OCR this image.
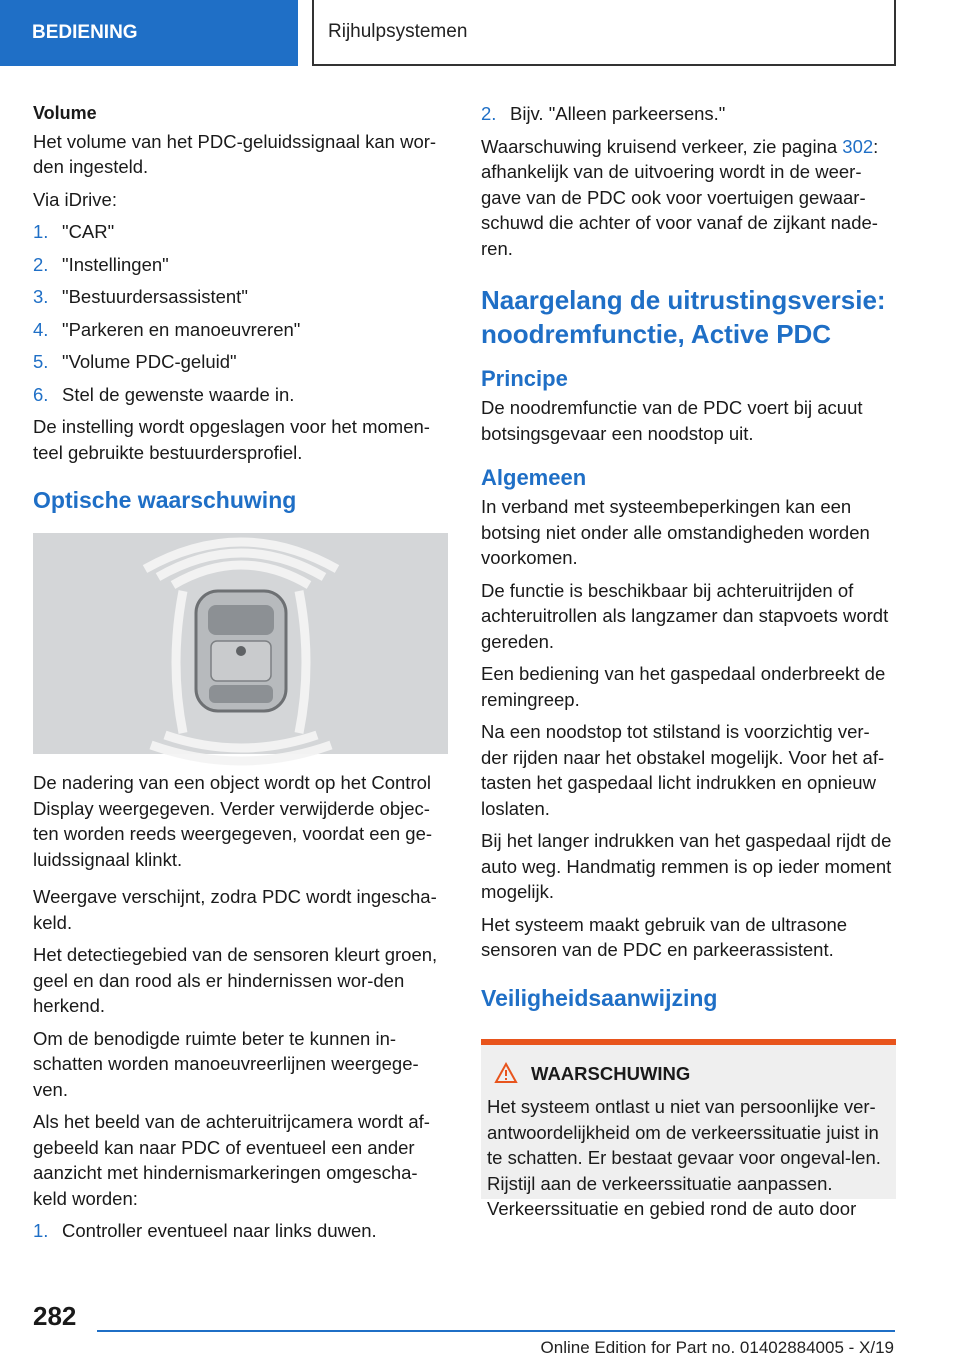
BEDIENING	Rijhulpsystemen

Volume

Het volume van het PDC-geluidssignaal kan wor-den ingesteld.

Via iDrive:

1. "CAR"
2. "Instellingen"
3. "Bestuurdersassistent"
4. "Parkeren en manoeuvreren"
5. "Volume PDC-geluid"
6. Stel de gewenste waarde in.

De instelling wordt opgeslagen voor het momen-teel gebruikte bestuurdersprofiel.

Optische waarschuwing

De nadering van een object wordt op het Control Display weergegeven. Verder verwijderde objec-ten worden reeds weergegeven, voordat een ge-luidssignaal klinkt.

Weergave verschijnt, zodra PDC wordt ingescha-keld.

Het detectiegebied van de sensoren kleurt groen, geel en dan rood als er hindernissen wor-den herkend.

Om de benodigde ruimte beter te kunnen in-schatten worden manoeuvreerlijnen weergege-ven.

Als het beeld van de achteruitrijcamera wordt af-gebeeld kan naar PDC of eventueel een ander aanzicht met hindernismarkeringen omgescha-keld worden:

1. Controller eventueel naar links duwen.
2. Bijv. "Alleen parkeersens."

Waarschuwing kruisend verkeer, zie pagina 302: afhankelijk van de uitvoering wordt in de weer-gave van de PDC ook voor voertuigen gewaar-schuwd die achter of voor vanaf de zijkant nade-ren.

Naargelang de uitrustingsversie: noodremfunctie, Active PDC
Principe

De noodremfunctie van de PDC voert bij acuut botsingsgevaar een noodstop uit.

Algemeen

In verband met systeembeperkingen kan een botsing niet onder alle omstandigheden worden voorkomen.

De functie is beschikbaar bij achteruitrijden of achteruitrollen als langzamer dan stapvoets wordt gereden.

Een bediening van het gaspedaal onderbreekt de remingreep.

Na een noodstop tot stilstand is voorzichtig ver-der rijden naar het obstakel mogelijk. Voor het af-tasten het gaspedaal licht indrukken en opnieuw loslaten.

Bij het langer indrukken van het gaspedaal rijdt de auto weg. Handmatig remmen is op ieder moment mogelijk.

Het systeem maakt gebruik van de ultrasone sensoren van de PDC en parkeerassistent.

Veiligheidsaanwijzing
WAARSCHUWING

Het systeem ontlast u niet van persoonlijke ver-antwoordelijkheid om de verkeerssituatie juist in te schatten. Er bestaat gevaar voor ongeval-len. Rijstijl aan de verkeerssituatie aanpassen. Verkeerssituatie en gebied rond de auto door

282
Online Edition for Part no. 01402884005 - X/19
